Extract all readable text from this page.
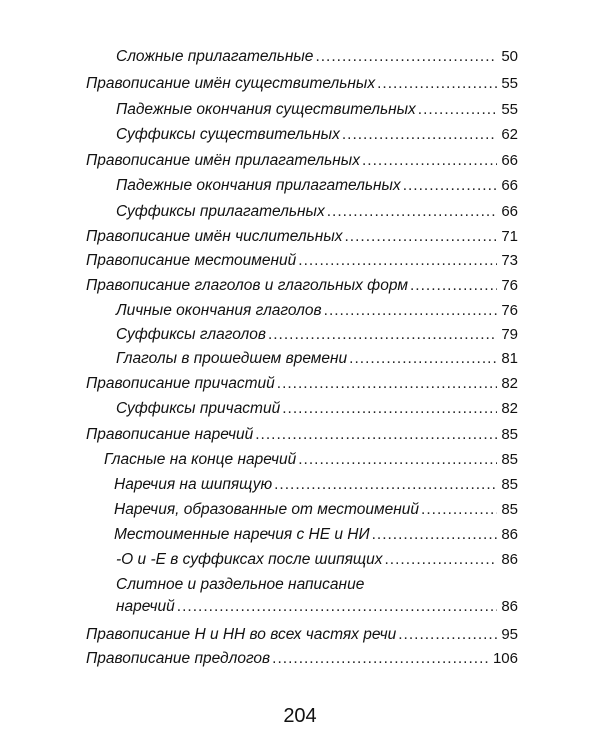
Сложные прилагательные .....	50
Правописание имён существительных .....	55
Падежные окончания существительных .....	55
Суффиксы существительных .....	62
Правописание имён прилагательных .....	66
Падежные окончания прилагательных .....	66
Суффиксы прилагательных .....	66
Правописание имён числительных .....	71
Правописание местоимений .....	73
Правописание глаголов и глагольных форм .....	76
Личные окончания глаголов .....	76
Суффиксы глаголов .....	79
Глаголы в прошедшем времени .....	81
Правописание причастий .....	82
Суффиксы причастий .....	82
Правописание наречий .....	85
Гласные на конце наречий .....	85
Наречия на шипящую .....	85
Наречия, образованные от местоимений .....	85
Местоименные наречия с НЕ и НИ .....	86
-О и -Е в суффиксах после шипящих .....	86
Слитное и раздельное написание
наречий .....	86
Правописание Н и НН во всех частях речи .....	95
Правописание предлогов .....	106
204
